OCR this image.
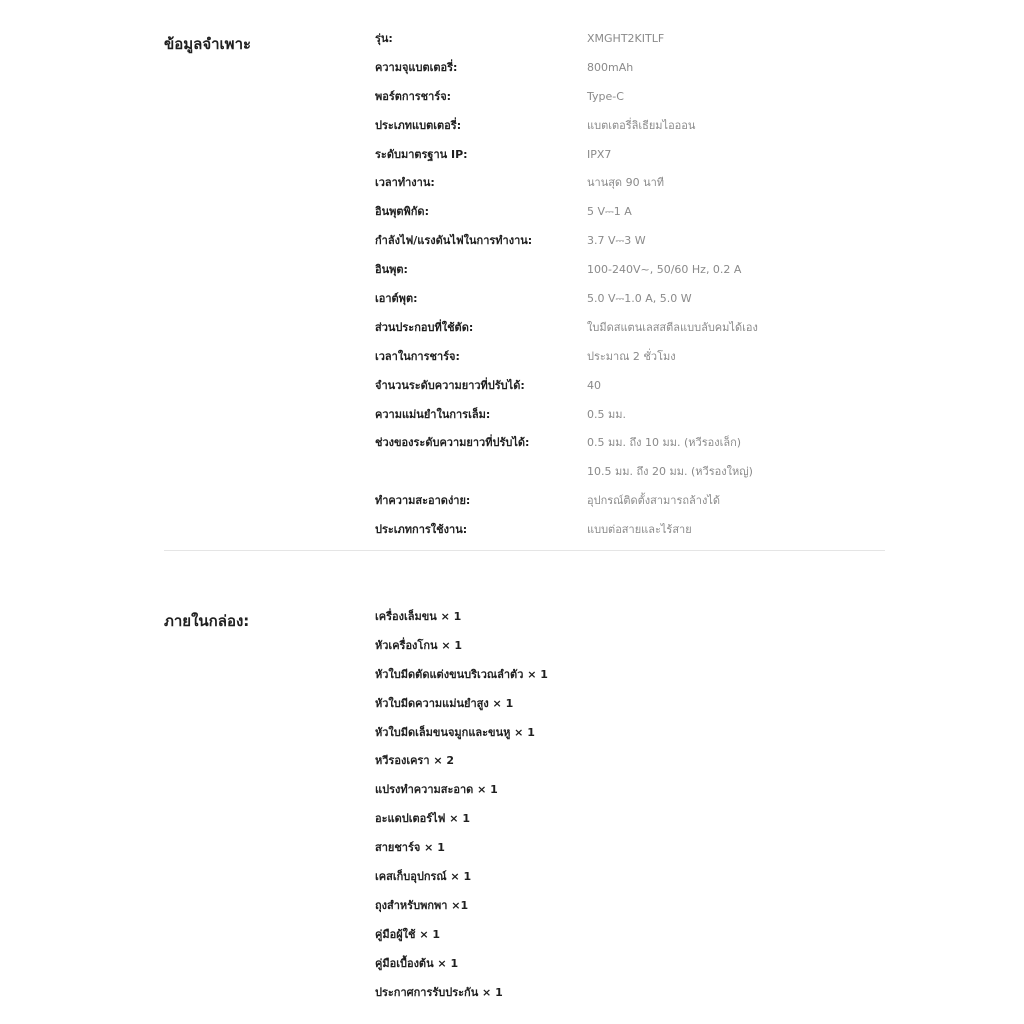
ข้อมูลจำเพาะ	รุ่น:	XMGHT2KITLF
ความจุแบตเตอรี่:	800mAh
พอร์ตการชาร์จ:	Type-C
ประเภทแบตเตอรี่:	แบตเตอรี่ลิเธียมไอออน
ระดับมาตรฐาน IP:	IPX7
เวลาทำงาน:	นานสุด 90 นาที
อินพุตพิกัด:	5 V⎓1 A
กำลังไฟ/แรงดันไฟในการทำงาน:	3.7 V⎓3 W
อินพุต:	100-240V~, 50/60 Hz, 0.2 A
เอาต์พุต:	5.0 V⎓1.0 A, 5.0 W
ส่วนประกอบที่ใช้ตัด:	ใบมีดสแตนเลสสตีลแบบลับคมได้เอง
เวลาในการชาร์จ:	ประมาณ 2 ชั่วโมง
จำนวนระดับความยาวที่ปรับได้:	40
ความแม่นยำในการเล็ม:	0.5 มม.
ช่วงของระดับความยาวที่ปรับได้:	0.5 มม. ถึง 10 มม. (หวีรองเล็ก)
10.5 มม. ถึง 20 มม. (หวีรองใหญ่)
ทำความสะอาดง่าย:	อุปกรณ์ติดตั้งสามารถล้างได้
ประเภทการใช้งาน:	แบบต่อสายและไร้สาย
ภายในกล่อง:	เครื่องเล็มขน × 1
หัวเครื่องโกน × 1
หัวใบมีดตัดแต่งขนบริเวณลำตัว × 1
หัวใบมีดความแม่นยำสูง × 1
หัวใบมีดเล็มขนจมูกและขนหู × 1
หวีรองเครา × 2
แปรงทำความสะอาด × 1
อะแดปเตอร์ไฟ × 1
สายชาร์จ × 1
เคสเก็บอุปกรณ์ × 1
ถุงสำหรับพกพา ×1
คู่มือผู้ใช้ × 1
คู่มือเบื้องต้น × 1
ประกาศการรับประกัน × 1
